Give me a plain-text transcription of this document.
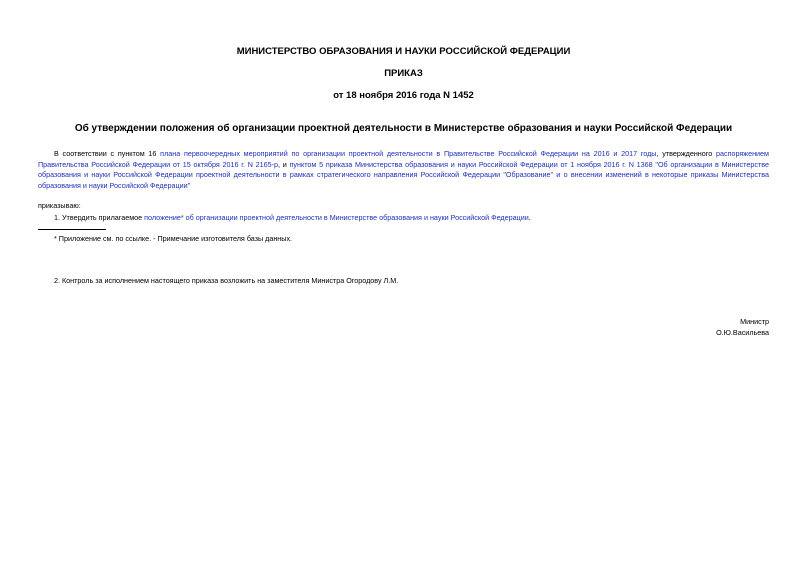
МИНИСТЕРСТВО ОБРАЗОВАНИЯ И НАУКИ РОССИЙСКОЙ ФЕДЕРАЦИИ
ПРИКАЗ
от 18 ноября 2016 года N 1452
Об утверждении положения об организации проектной деятельности в Министерстве образования и науки Российской Федерации
В соответствии с пунктом 16 плана первоочередных мероприятий по организации проектной деятельности в Правительстве Российской Федерации на 2016 и 2017 годы, утвержденного распоряжением Правительства Российской Федерации от 15 октября 2016 г. N 2165-р, и пунктом 5 приказа Министерства образования и науки Российской Федерации от 1 ноября 2016 г. N 1368 "Об организации в Министерстве образования и науки Российской Федерации проектной деятельности в рамках стратегического направления Российской Федерации "Образование" и о внесении изменений в некоторые приказы Министерства образования и науки Российской Федерации"
приказываю:
1. Утвердить прилагаемое положение* об организации проектной деятельности в Министерстве образования и науки Российской Федерации.
* Приложение см. по ссылке. - Примечание изготовителя базы данных.
2. Контроль за исполнением настоящего приказа возложить на заместителя Министра Огородову Л.М.
Министр
О.Ю.Васильева
